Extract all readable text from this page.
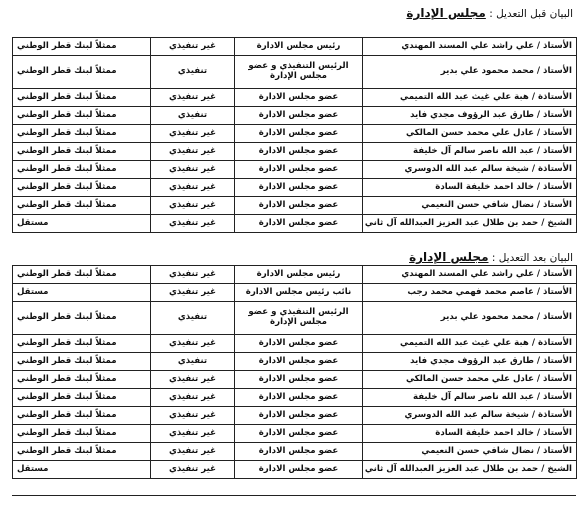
البيان قبل التعديل : مجلس الإدارة
الأستاذ / علي راشد علي المسند المهندي	رئيس مجلس الادارة	غير تنفيذي	ممثلاً لبنك قطر الوطني
الأستاذ / محمد محمود علي بدير	الرئيس التنفيذي و عضو مجلس الإدارة	تنفيذي	ممثلاً لبنك قطر الوطني
الأستاذة / هبة علي غيث عبد الله التميمي	عضو مجلس الادارة	غير تنفيذي	ممثلاً لبنك قطر الوطني
الأستاذ / طارق عبد الرؤوف مجدي فايد	عضو مجلس الادارة	تنفيذي	ممثلاً لبنك قطر الوطني
الأستاذ / عادل علي محمد حسن المالكي	عضو مجلس الادارة	غير تنفيذي	ممثلاً لبنك قطر الوطني
الأستاذ / عبد الله ناصر سالم آل خليفة	عضو مجلس الادارة	غير تنفيذي	ممثلاً لبنك قطر الوطني
الأستاذة / شيخة سالم عبد الله الدوسري	عضو مجلس الادارة	غير تنفيذي	ممثلاً لبنك قطر الوطني
الأستاذ / خالد احمد خليفة السادة	عضو مجلس الادارة	غير تنفيذي	ممثلاً لبنك قطر الوطني
الأستاذ / نضال شافي حسن النعيمي	عضو مجلس الادارة	غير تنفيذي	ممثلاً لبنك قطر الوطني
الشيخ / حمد بن طلال عبد العزيز العبدالله آل ثاني	عضو مجلس الادارة	غير تنفيذي	مستقل
البيان بعد التعديل : مجلس الإدارة
الأستاذ / علي راشد علي المسند المهندي	رئيس مجلس الادارة	غير تنفيذي	ممثلاً لبنك قطر الوطني
الأستاذ / عاصم محمد فهمي محمد رجب	نائب رئيس مجلس الادارة	غير تنفيذي	مستقل
الأستاذ / محمد محمود علي بدير	الرئيس التنفيذي و عضو مجلس الإدارة	تنفيذي	ممثلاً لبنك قطر الوطني
الأستاذة / هبة علي غيث عبد الله التميمي	عضو مجلس الادارة	غير تنفيذي	ممثلاً لبنك قطر الوطني
الأستاذ / طارق عبد الرؤوف مجدي فايد	عضو مجلس الادارة	تنفيذي	ممثلاً لبنك قطر الوطني
الأستاذ / عادل علي محمد حسن المالكي	عضو مجلس الادارة	غير تنفيذي	ممثلاً لبنك قطر الوطني
الأستاذ / عبد الله ناصر سالم آل خليفة	عضو مجلس الادارة	غير تنفيذي	ممثلاً لبنك قطر الوطني
الأستاذة / شيخة سالم عبد الله الدوسري	عضو مجلس الادارة	غير تنفيذي	ممثلاً لبنك قطر الوطني
الأستاذ / خالد احمد خليفة السادة	عضو مجلس الادارة	غير تنفيذي	ممثلاً لبنك قطر الوطني
الأستاذ / نضال شافي حسن النعيمي	عضو مجلس الادارة	غير تنفيذي	ممثلاً لبنك قطر الوطني
الشيخ / حمد بن طلال عبد العزيز العبدالله آل ثاني	عضو مجلس الادارة	غير تنفيذي	مستقل
